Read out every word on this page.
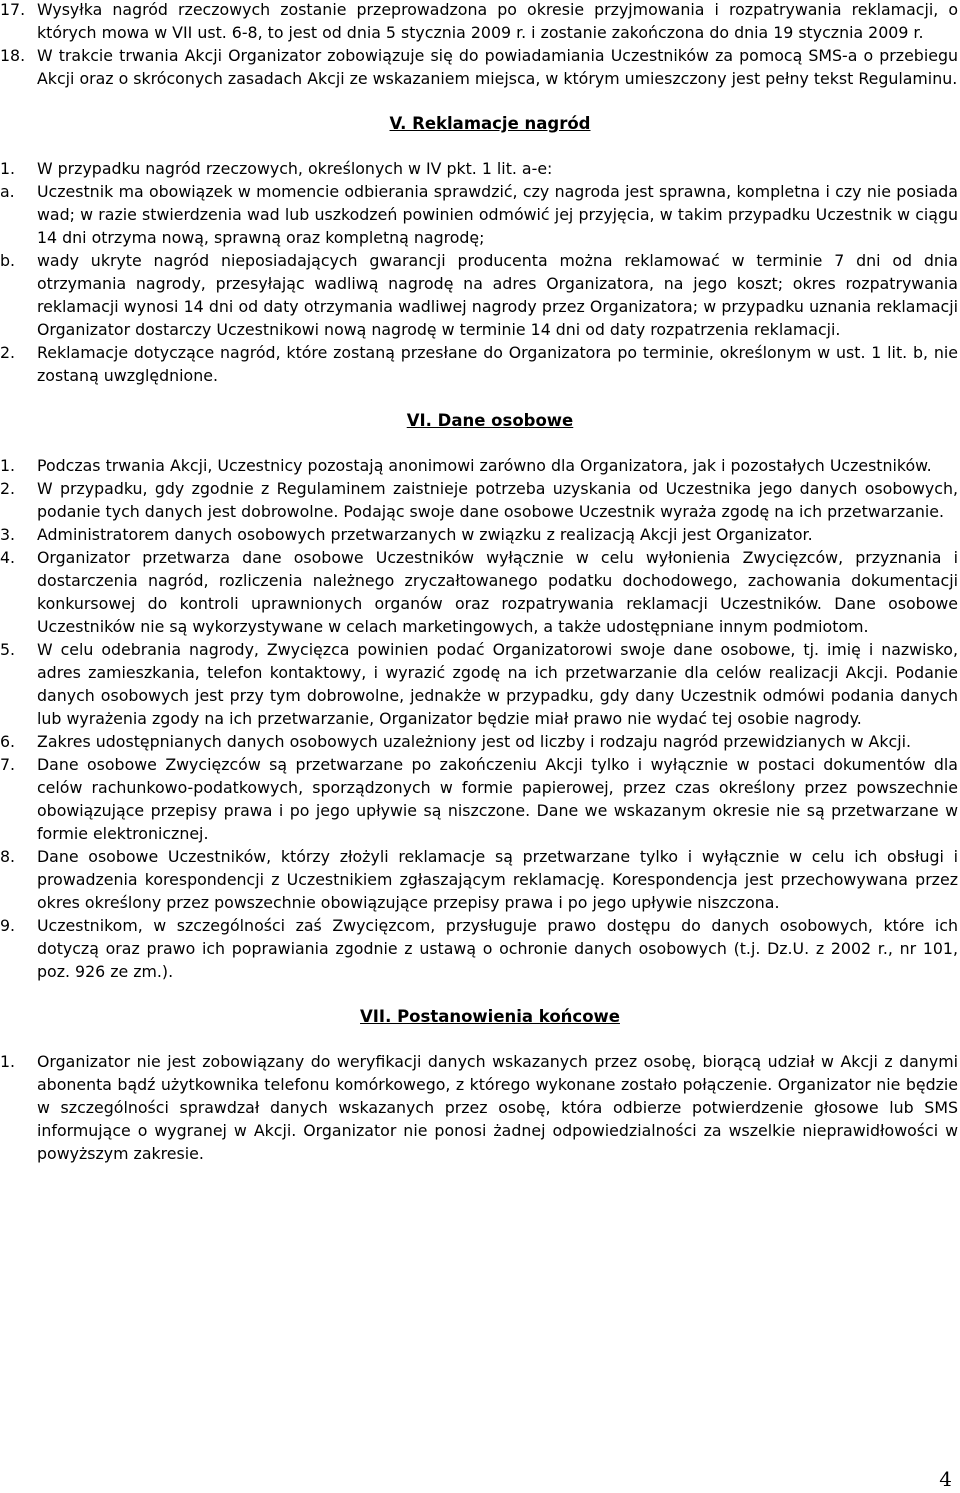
17. Wysyłka nagród rzeczowych zostanie przeprowadzona po okresie przyjmowania i rozpatrywania reklamacji, o których mowa w VII ust. 6-8, to jest od dnia 5 stycznia 2009 r. i zostanie zakończona do dnia 19 stycznia 2009 r.
18. W trakcie trwania Akcji Organizator zobowiązuje się do powiadamiania Uczestników za pomocą SMS-a o przebiegu Akcji oraz o skróconych zasadach Akcji ze wskazaniem miejsca, w którym umieszczony jest pełny tekst Regulaminu.
V. Reklamacje nagród
1. W przypadku nagród rzeczowych, określonych w IV pkt. 1 lit. a-e:
a. Uczestnik ma obowiązek w momencie odbierania sprawdzić, czy nagroda jest sprawna, kompletna i czy nie posiada wad; w razie stwierdzenia wad lub uszkodzeń powinien odmówić jej przyjęcia, w takim przypadku Uczestnik w ciągu 14 dni otrzyma nową, sprawną oraz kompletną nagrodę;
b. wady ukryte nagród nieposiadających gwarancji producenta można reklamować w terminie 7 dni od dnia otrzymania nagrody, przesyłając wadliwą nagrodę na adres Organizatora, na jego koszt; okres rozpatrywania reklamacji wynosi 14 dni od daty otrzymania wadliwej nagrody przez Organizatora; w przypadku uznania reklamacji Organizator dostarczy Uczestnikowi nową nagrodę w terminie 14 dni od daty rozpatrzenia reklamacji.
2. Reklamacje dotyczące nagród, które zostaną przesłane do Organizatora po terminie, określonym w ust. 1 lit. b, nie zostaną uwzględnione.
VI. Dane osobowe
1. Podczas trwania Akcji, Uczestnicy pozostają anonimowi zarówno dla Organizatora, jak i pozostałych Uczestników.
2. W przypadku, gdy zgodnie z Regulaminem zaistnieje potrzeba uzyskania od Uczestnika jego danych osobowych, podanie tych danych jest dobrowolne. Podając swoje dane osobowe Uczestnik wyraża zgodę na ich przetwarzanie.
3. Administratorem danych osobowych przetwarzanych w związku z realizacją Akcji jest Organizator.
4. Organizator przetwarza dane osobowe Uczestników wyłącznie w celu wyłonienia Zwycięzców, przyznania i dostarczenia nagród, rozliczenia należnego zryczałtowanego podatku dochodowego, zachowania dokumentacji konkursowej do kontroli uprawnionych organów oraz rozpatrywania reklamacji Uczestników. Dane osobowe Uczestników nie są wykorzystywane w celach marketingowych, a także udostępniane innym podmiotom.
5. W celu odebrania nagrody, Zwycięzca powinien podać Organizatorowi swoje dane osobowe, tj. imię i nazwisko, adres zamieszkania, telefon kontaktowy, i wyrazić zgodę na ich przetwarzanie dla celów realizacji Akcji. Podanie danych osobowych jest przy tym dobrowolne, jednakże w przypadku, gdy dany Uczestnik odmówi podania danych lub wyrażenia zgody na ich przetwarzanie, Organizator będzie miał prawo nie wydać tej osobie nagrody.
6. Zakres udostępnianych danych osobowych uzależniony jest od liczby i rodzaju nagród przewidzianych w Akcji.
7. Dane osobowe Zwycięzców są przetwarzane po zakończeniu Akcji tylko i wyłącznie w postaci dokumentów dla celów rachunkowo-podatkowych, sporządzonych w formie papierowej, przez czas określony przez powszechnie obowiązujące przepisy prawa i po jego upływie są niszczone. Dane we wskazanym okresie nie są przetwarzane w formie elektronicznej.
8. Dane osobowe Uczestników, którzy złożyli reklamacje są przetwarzane tylko i wyłącznie w celu ich obsługi i prowadzenia korespondencji z Uczestnikiem zgłaszającym reklamację. Korespondencja jest przechowywana przez okres określony przez powszechnie obowiązujące przepisy prawa i po jego upływie niszczona.
9. Uczestnikom, w szczególności zaś Zwycięzcom, przysługuje prawo dostępu do danych osobowych, które ich dotyczą oraz prawo ich poprawiania zgodnie z ustawą o ochronie danych osobowych (t.j. Dz.U. z 2002 r., nr 101, poz. 926 ze zm.).
VII. Postanowienia końcowe
1. Organizator nie jest zobowiązany do weryfikacji danych wskazanych przez osobę, biorącą udział w Akcji z danymi abonenta bądź użytkownika telefonu komórkowego, z którego wykonane zostało połączenie. Organizator nie będzie w szczególności sprawdzał danych wskazanych przez osobę, która odbierze potwierdzenie głosowe lub SMS informujące o wygranej w Akcji. Organizator nie ponosi żadnej odpowiedzialności za wszelkie nieprawidłowości w powyższym zakresie.
4
